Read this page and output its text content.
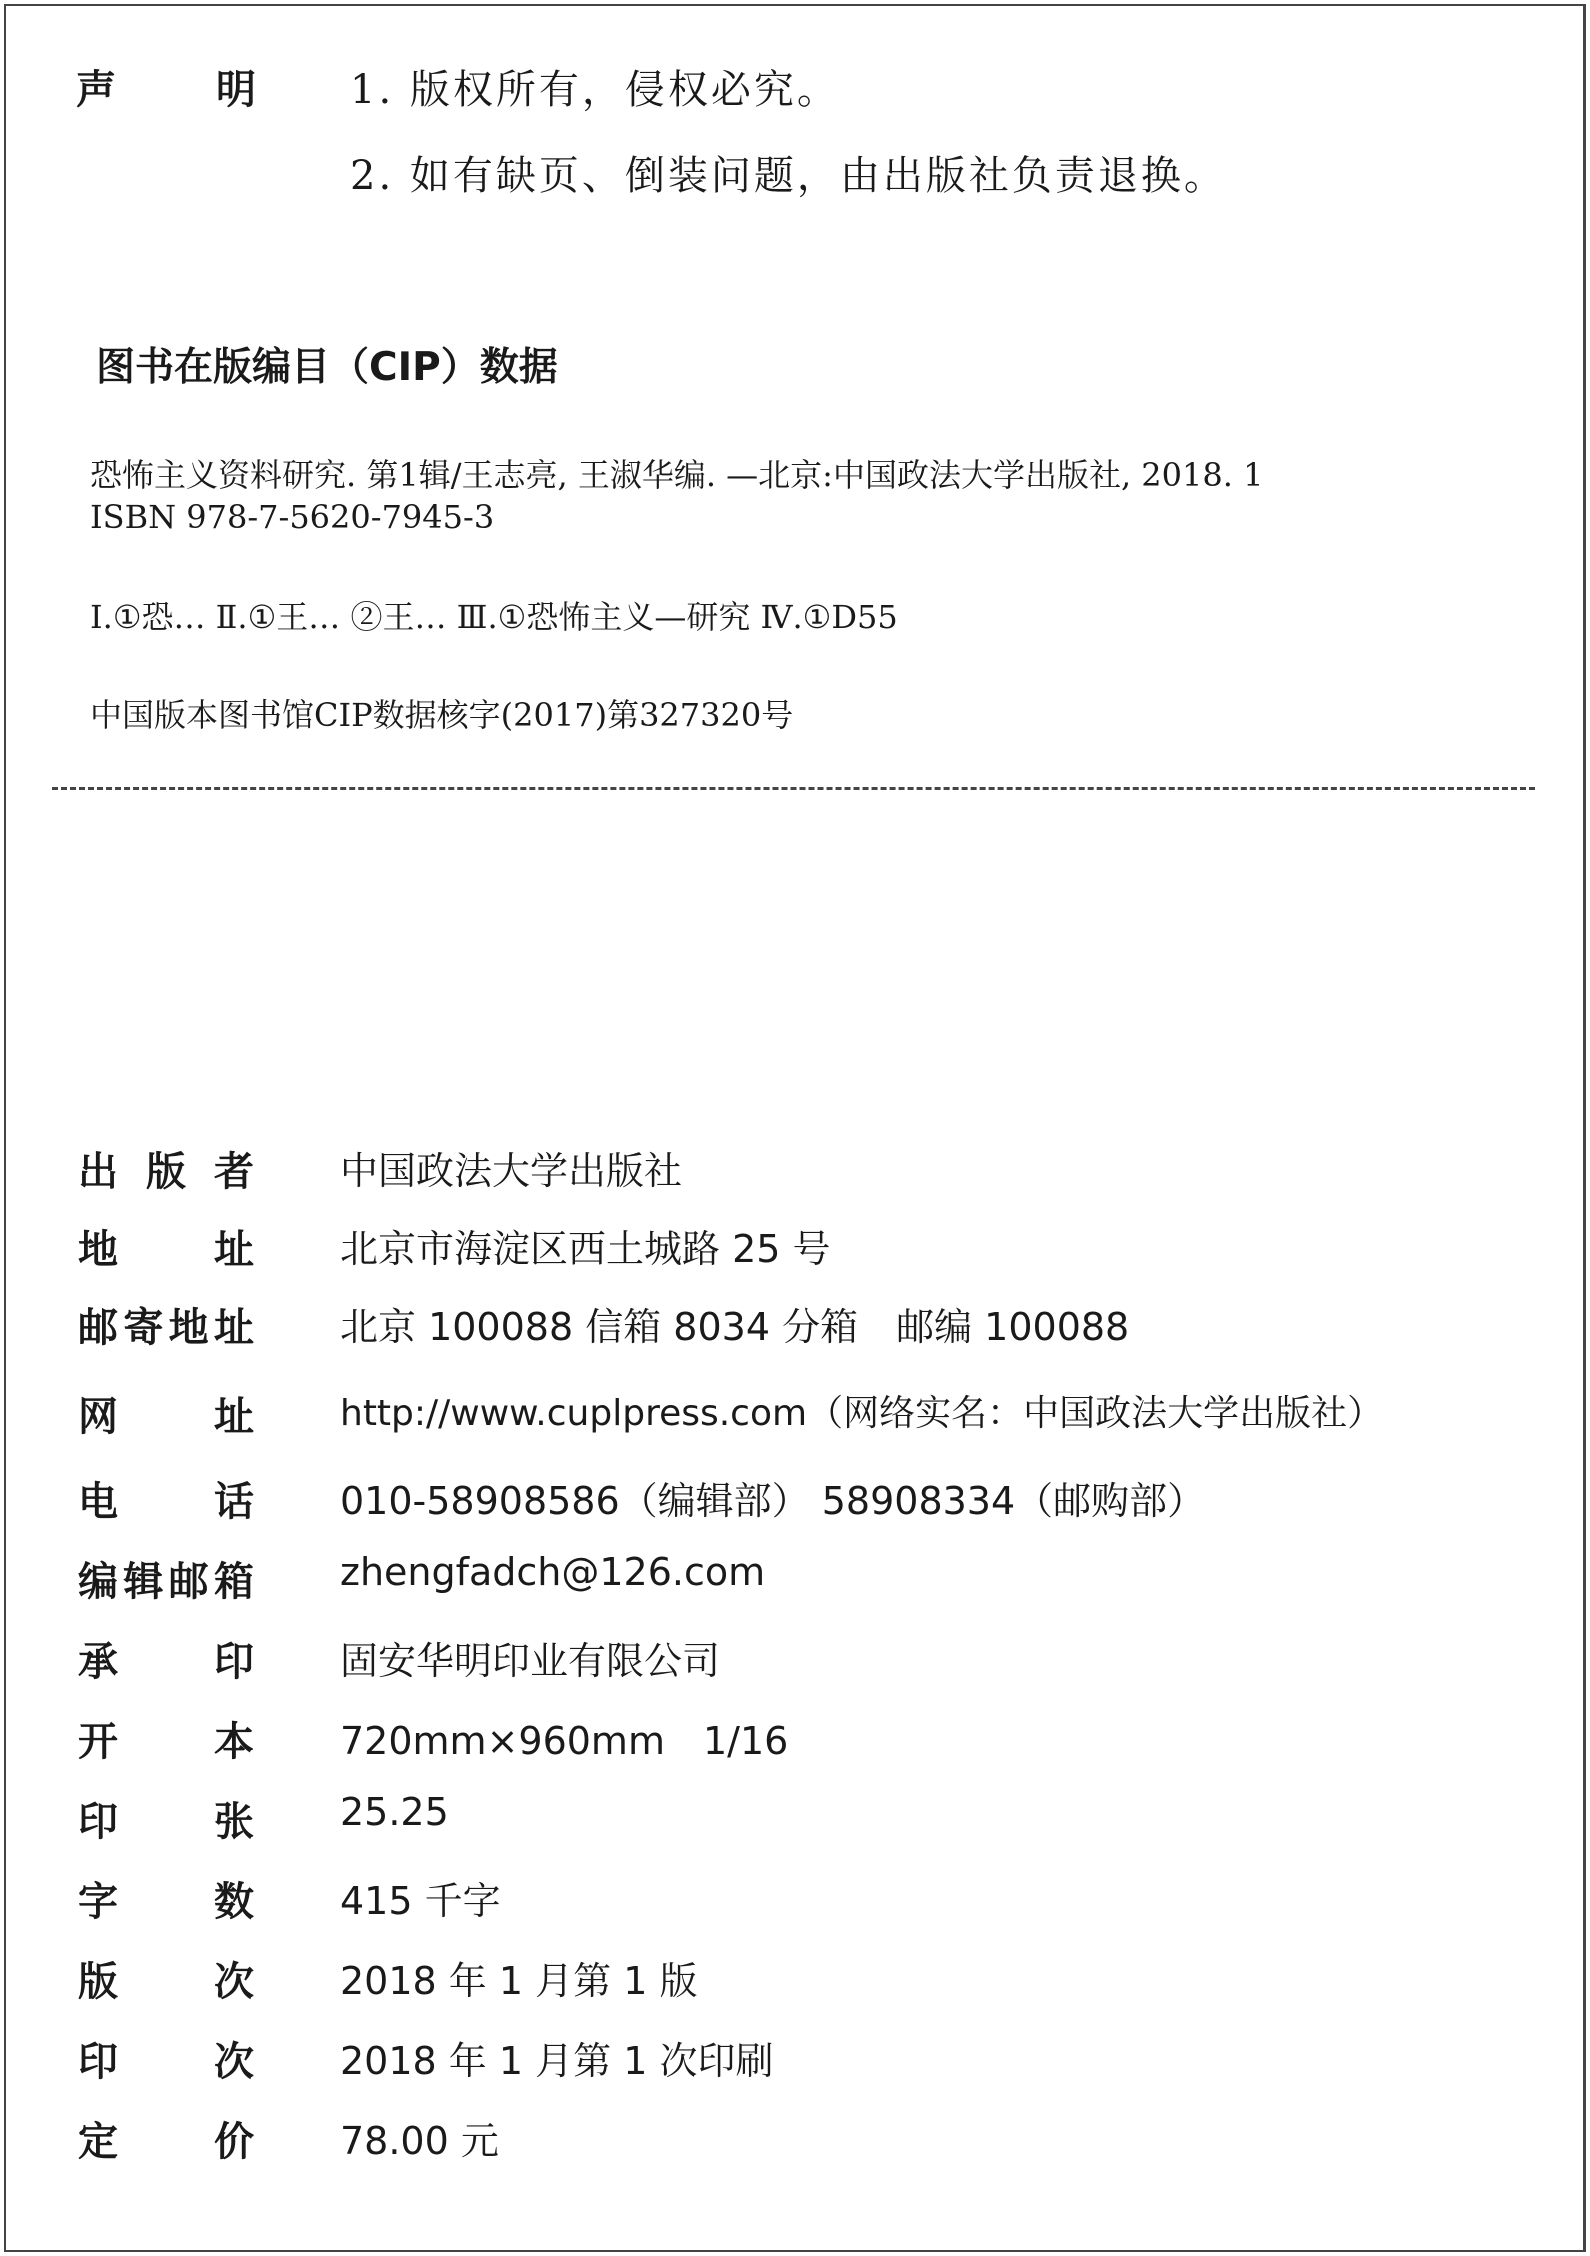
声	明 1. 版权所有，侵权必究。
2. 如有缺页、倒装问题，由出版社负责退换。
图书在版编目（CIP）数据
恐怖主义资料研究. 第1辑/王志亮, 王淑华编. —北京:中国政法大学出版社, 2018. 1
ISBN 978-7-5620-7945-3
Ⅰ.①恐… Ⅱ.①王… ②王… Ⅲ.①恐怖主义—研究 Ⅳ.①D55
中国版本图书馆CIP数据核字(2017)第327320号
出 版 者 中国政法大学出版社
地 址 北京市海淀区西土城路 25 号
邮 寄 地 址 北京 100088 信箱 8034 分箱　邮编 100088
网 址 http://www.cuplpress.com（网络实名：中国政法大学出版社）
电 话 010-58908586（编辑部） 58908334（邮购部）
编 辑 邮 箱 zhengfadch@126.com
承 印 固安华明印业有限公司
开 本 720mm×960mm　1/16
印 张 25.25
字 数 415 千字
版 次 2018 年 1 月第 1 版
印 次 2018 年 1 月第 1 次印刷
定 价 78.00 元
